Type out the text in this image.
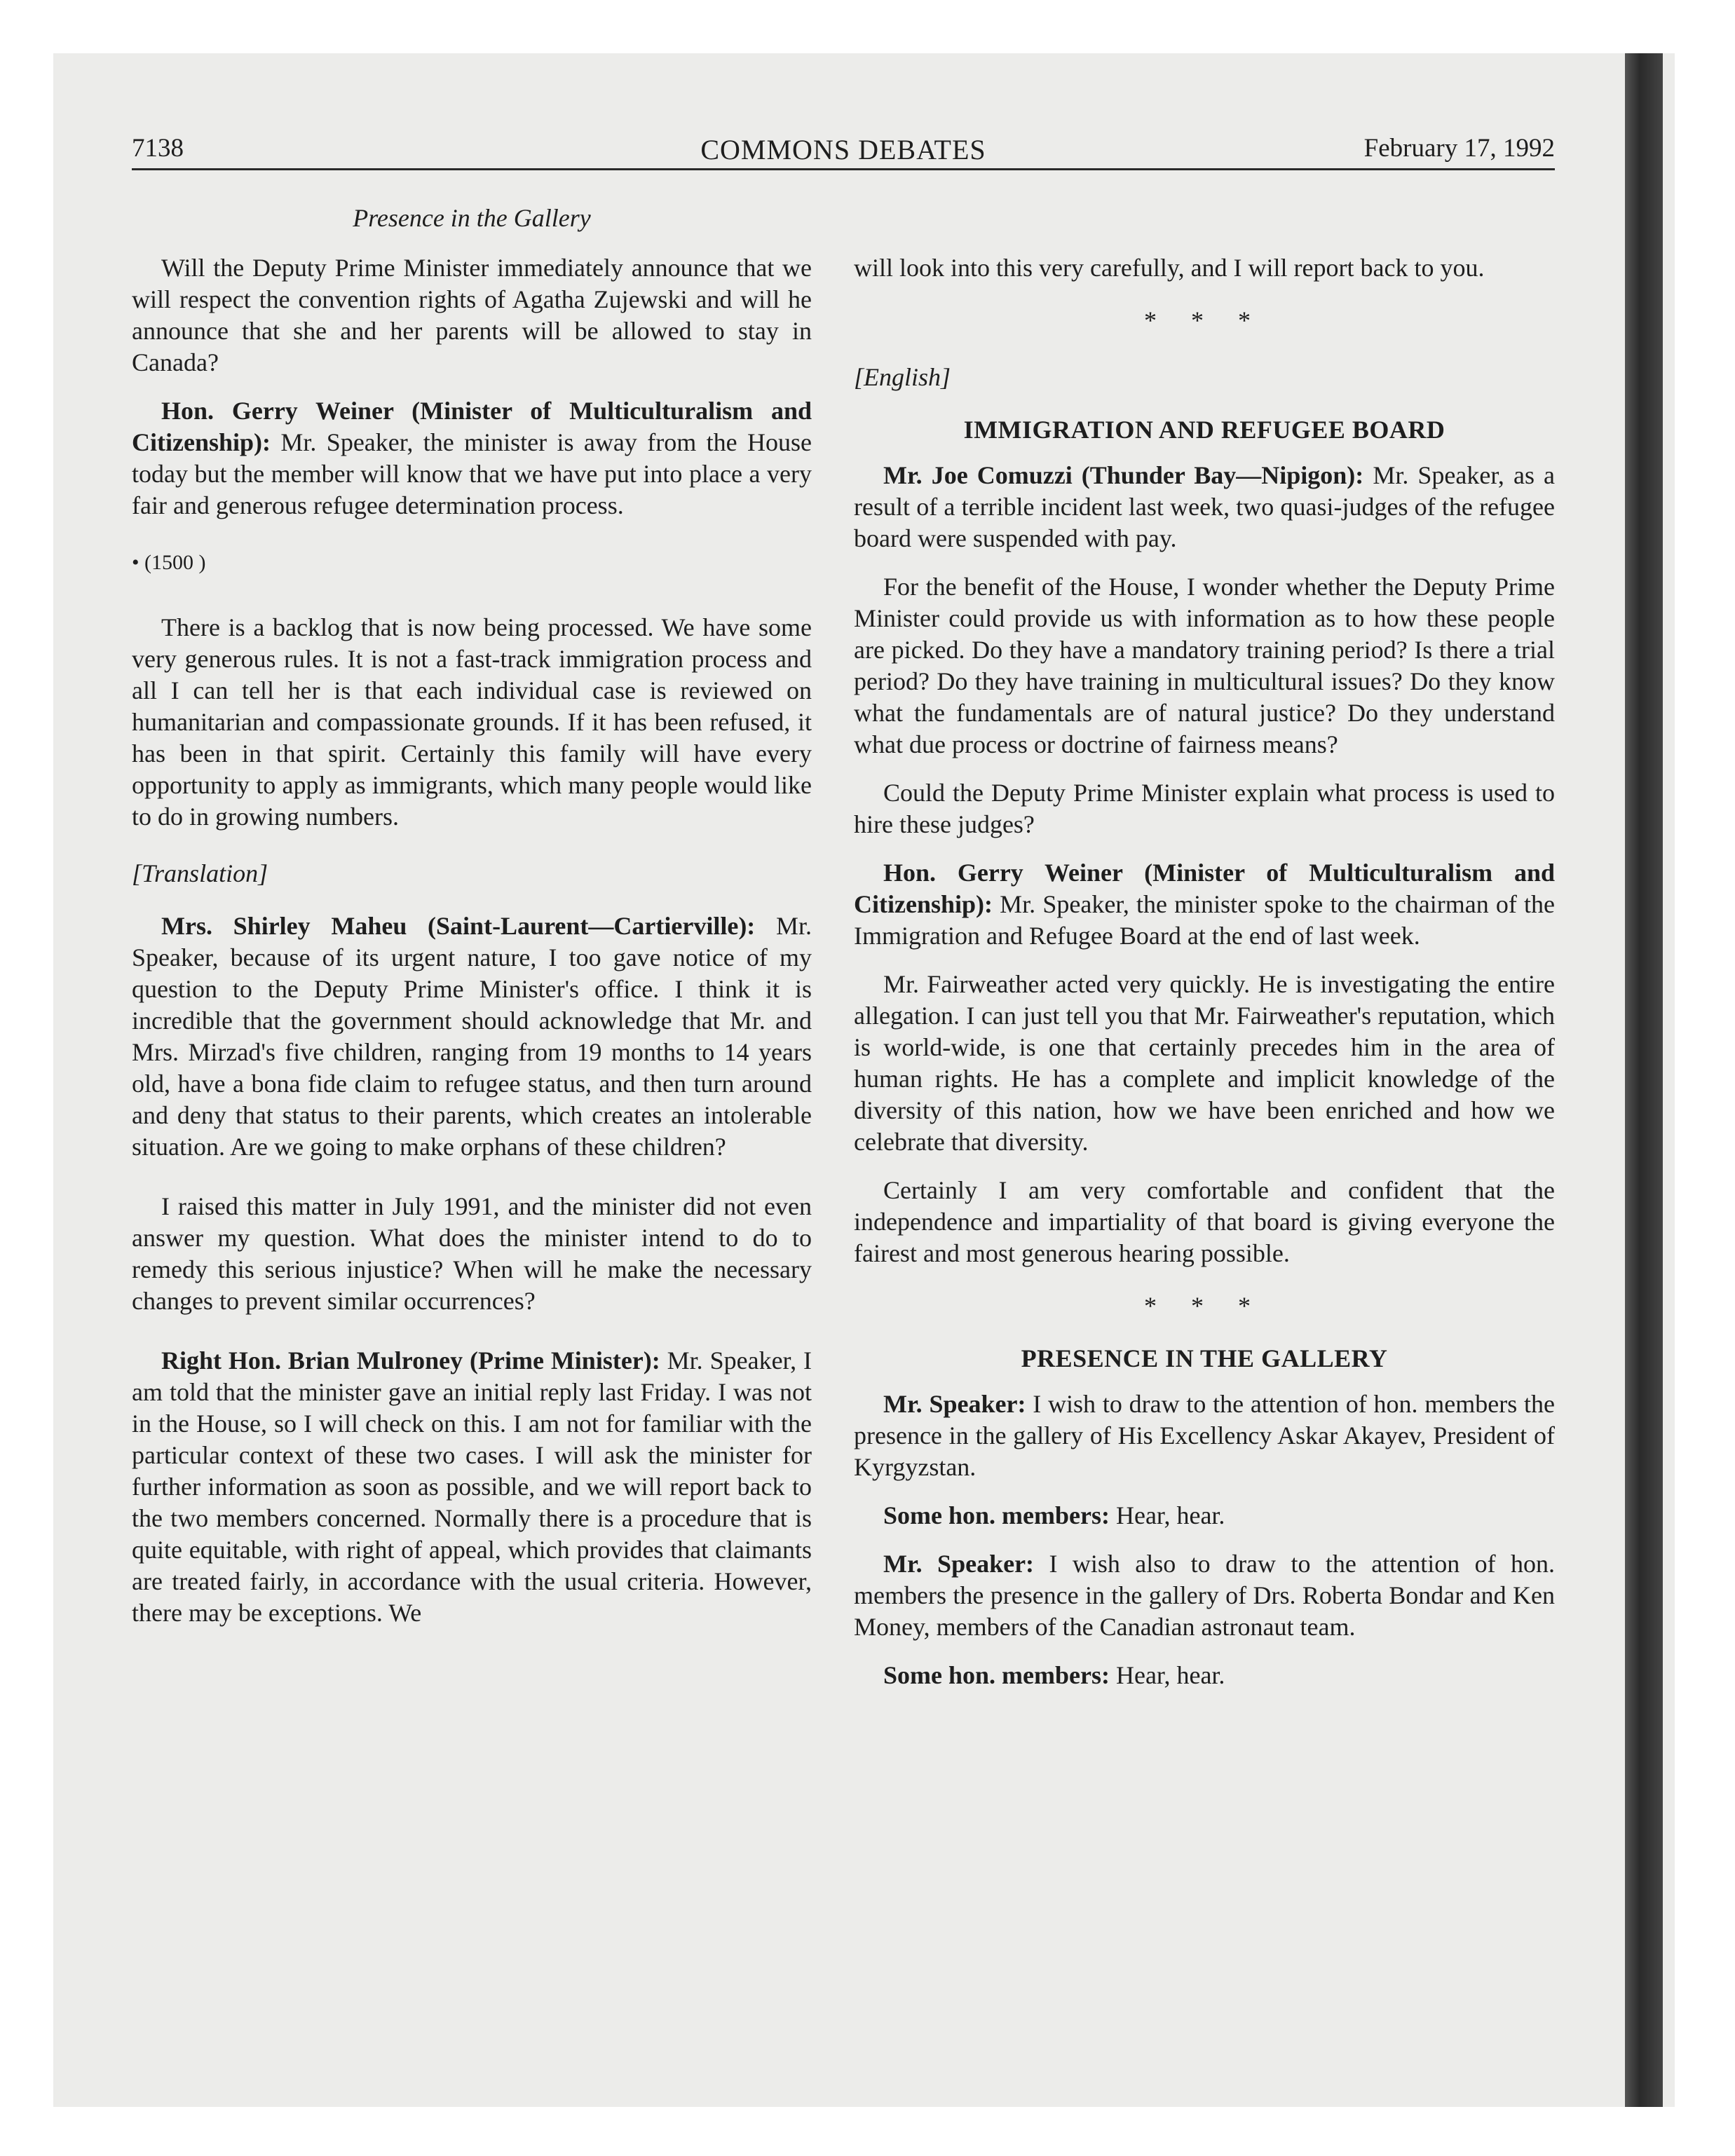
7138	COMMONS DEBATES	February 17, 1992
Presence in the Gallery

Will the Deputy Prime Minister immediately announce that we will respect the convention rights of Agatha Zujewski and will he announce that she and her parents will be allowed to stay in Canada?

Hon. Gerry Weiner (Minister of Multiculturalism and Citizenship): Mr. Speaker, the minister is away from the House today but the member will know that we have put into place a very fair and generous refugee determination process.

• (1500 )

There is a backlog that is now being processed. We have some very generous rules. It is not a fast-track immigration process and all I can tell her is that each individual case is reviewed on humanitarian and compassionate grounds. If it has been refused, it has been in that spirit. Certainly this family will have every opportunity to apply as immigrants, which many people would like to do in growing numbers.

[Translation]

Mrs. Shirley Maheu (Saint-Laurent—Cartierville): Mr. Speaker, because of its urgent nature, I too gave notice of my question to the Deputy Prime Minister's office. I think it is incredible that the government should acknowledge that Mr. and Mrs. Mirzad's five children, ranging from 19 months to 14 years old, have a bona fide claim to refugee status, and then turn around and deny that status to their parents, which creates an intolerable situation. Are we going to make orphans of these children?

I raised this matter in July 1991, and the minister did not even answer my question. What does the minister intend to do to remedy this serious injustice? When will he make the necessary changes to prevent similar occurrences?

Right Hon. Brian Mulroney (Prime Minister): Mr. Speaker, I am told that the minister gave an initial reply last Friday. I was not in the House, so I will check on this. I am not for familiar with the particular context of these two cases. I will ask the minister for further information as soon as possible, and we will report back to the two members concerned. Normally there is a procedure that is quite equitable, with right of appeal, which provides that claimants are treated fairly, in accordance with the usual criteria. However, there may be exceptions. We

will look into this very carefully, and I will report back to you.

* * *

[English]

IMMIGRATION AND REFUGEE BOARD

Mr. Joe Comuzzi (Thunder Bay—Nipigon): Mr. Speaker, as a result of a terrible incident last week, two quasi-judges of the refugee board were suspended with pay.

For the benefit of the House, I wonder whether the Deputy Prime Minister could provide us with information as to how these people are picked. Do they have a mandatory training period? Is there a trial period? Do they have training in multicultural issues? Do they know what the fundamentals are of natural justice? Do they understand what due process or doctrine of fairness means?

Could the Deputy Prime Minister explain what process is used to hire these judges?

Hon. Gerry Weiner (Minister of Multiculturalism and Citizenship): Mr. Speaker, the minister spoke to the chairman of the Immigration and Refugee Board at the end of last week.

Mr. Fairweather acted very quickly. He is investigating the entire allegation. I can just tell you that Mr. Fairweather's reputation, which is world-wide, is one that certainly precedes him in the area of human rights. He has a complete and implicit knowledge of the diversity of this nation, how we have been enriched and how we celebrate that diversity.

Certainly I am very comfortable and confident that the independence and impartiality of that board is giving everyone the fairest and most generous hearing possible.

* * *

PRESENCE IN THE GALLERY

Mr. Speaker: I wish to draw to the attention of hon. members the presence in the gallery of His Excellency Askar Akayev, President of Kyrgyzstan.

Some hon. members: Hear, hear.

Mr. Speaker: I wish also to draw to the attention of hon. members the presence in the gallery of Drs. Roberta Bondar and Ken Money, members of the Canadian astronaut team.

Some hon. members: Hear, hear.
